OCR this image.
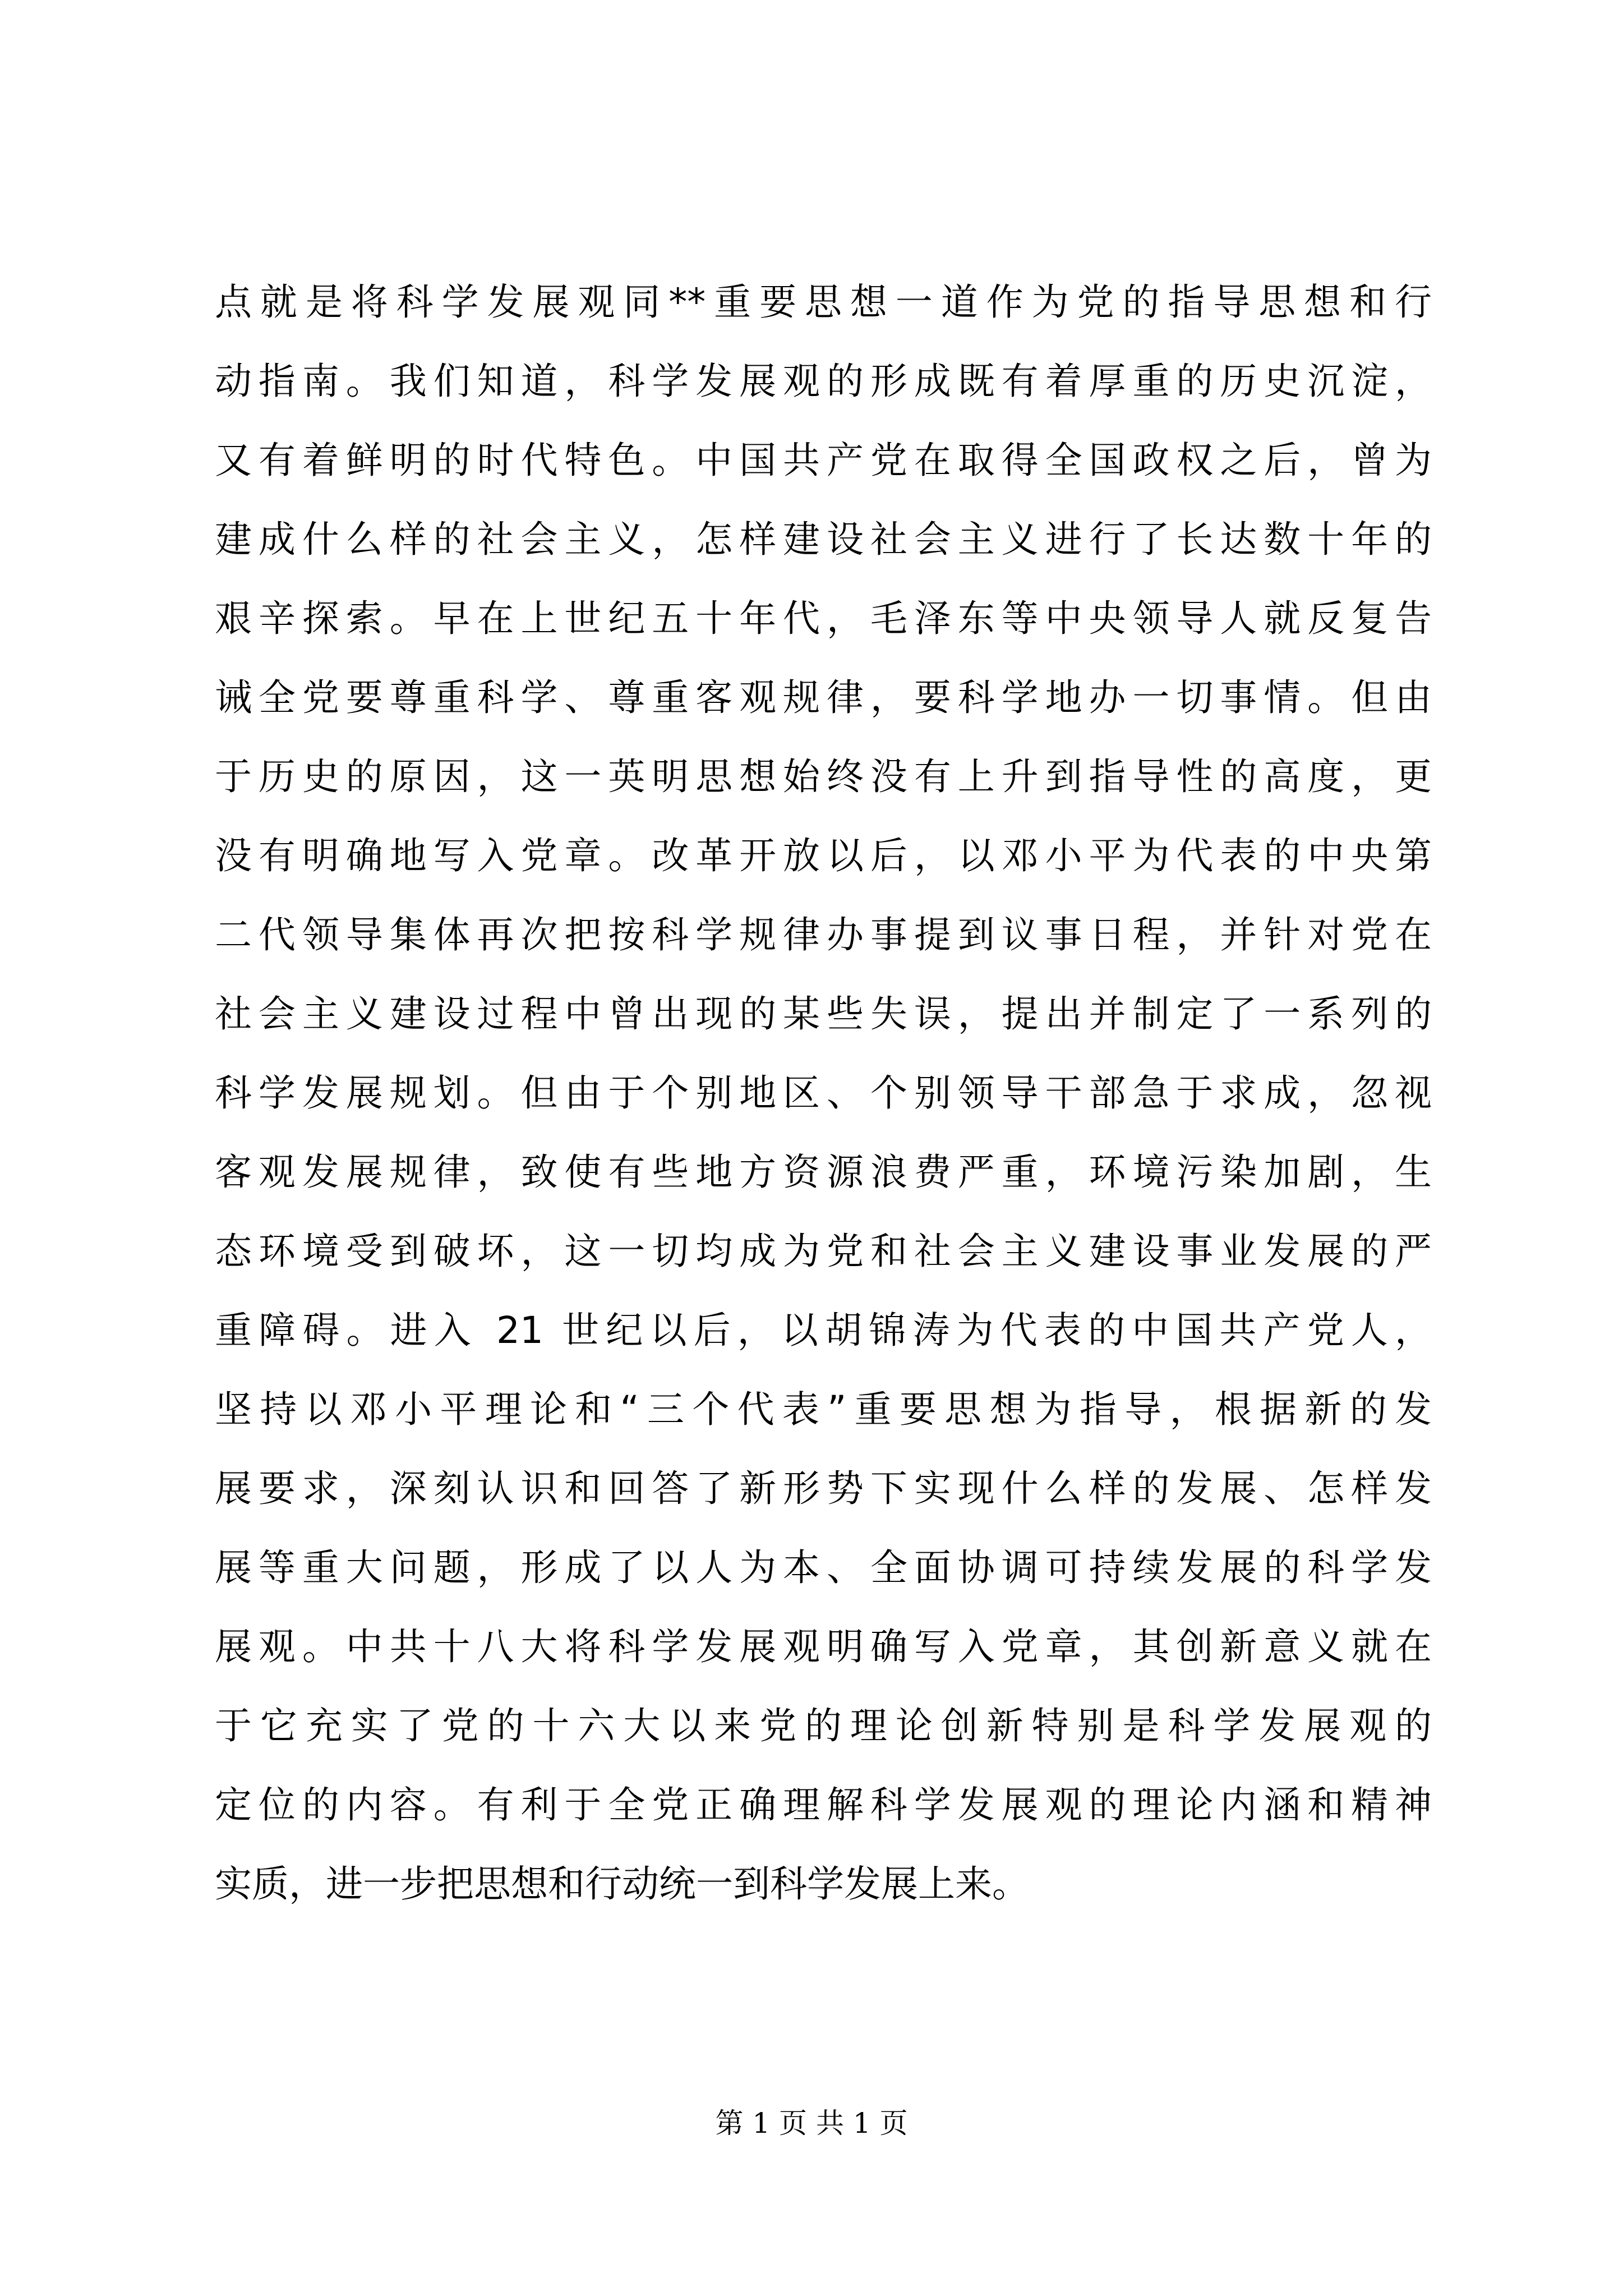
点就是将科学发展观同**重要思想一道作为党的指导思想和行
动指南。我们知道，科学发展观的形成既有着厚重的历史沉淀，
又有着鲜明的时代特色。中国共产党在取得全国政权之后，曾为
建成什么样的社会主义，怎样建设社会主义进行了长达数十年的
艰辛探索。早在上世纪五十年代，毛泽东等中央领导人就反复告
诫全党要尊重科学、尊重客观规律，要科学地办一切事情。但由
于历史的原因，这一英明思想始终没有上升到指导性的高度，更
没有明确地写入党章。改革开放以后，以邓小平为代表的中央第
二代领导集体再次把按科学规律办事提到议事日程，并针对党在
社会主义建设过程中曾出现的某些失误，提出并制定了一系列的
科学发展规划。但由于个别地区、个别领导干部急于求成，忽视
客观发展规律，致使有些地方资源浪费严重，环境污染加剧，生
态环境受到破坏，这一切均成为党和社会主义建设事业发展的严
重障碍。进入 21 世纪以后，以胡锦涛为代表的中国共产党人，
坚持以邓小平理论和“三个代表”重要思想为指导，根据新的发
展要求，深刻认识和回答了新形势下实现什么样的发展、怎样发
展等重大问题，形成了以人为本、全面协调可持续发展的科学发
展观。中共十八大将科学发展观明确写入党章，其创新意义就在
于它充实了党的十六大以来党的理论创新特别是科学发展观的
定位的内容。有利于全党正确理解科学发展观的理论内涵和精神
实质，进一步把思想和行动统一到科学发展上来。
第 1 页 共 1 页
